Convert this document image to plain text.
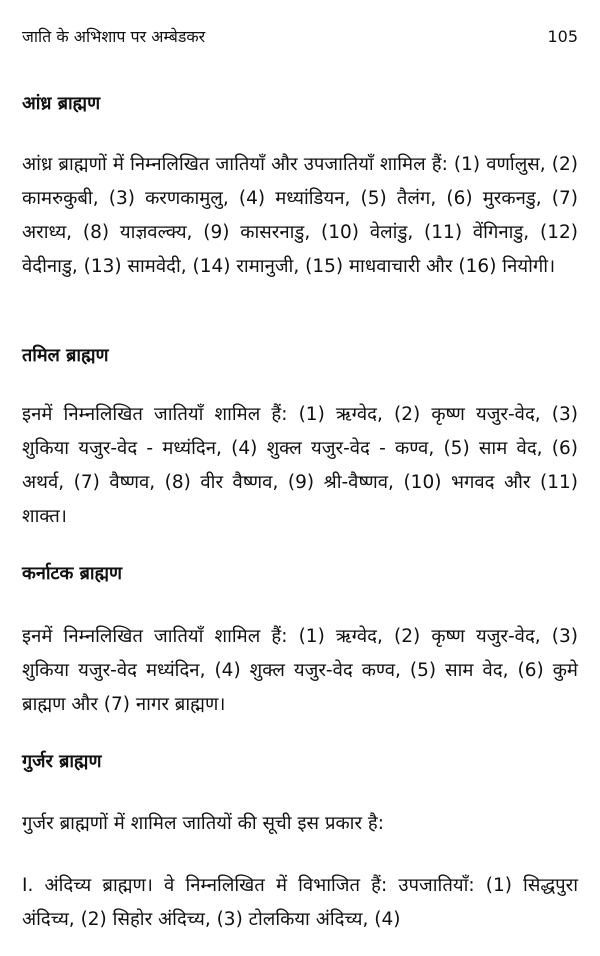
जाति के अभिशाप पर अम्बेडकर	105
आंध्र ब्राह्मण

आंध्र ब्राह्मणों में निम्नलिखित जातियाँ और उपजातियाँ शामिल हैं: (1) वर्णालुस, (2) कामरुकुबी, (3) करणकामुलु, (4) मध्यांडियन, (5) तैलंग, (6) मुरकनडु, (7) अराध्य, (8) याज्ञवल्क्य, (9) कासरनाडु, (10) वेलांडु, (11) वेंगिनाडु, (12) वेदीनाडु, (13) सामवेदी, (14) रामानुजी, (15) माधवाचारी और (16) नियोगी।

तमिल ब्राह्मण

इनमें निम्नलिखित जातियाँ शामिल हैं: (1) ऋग्वेद, (2) कृष्ण यजुर-वेद, (3) शुकिया यजुर-वेद - मध्यंदिन, (4) शुक्ल यजुर-वेद - कण्व, (5) साम वेद, (6) अथर्व, (7) वैष्णव, (8) वीर वैष्णव, (9) श्री-वैष्णव, (10) भगवद और (11) शाक्त।

कर्नाटक ब्राह्मण

इनमें निम्नलिखित जातियाँ शामिल हैं: (1) ऋग्वेद, (2) कृष्ण यजुर-वेद, (3) शुकिया यजुर-वेद मध्यंदिन, (4) शुक्ल यजुर-वेद कण्व, (5) साम वेद, (6) कुमे ब्राह्मण और (7) नागर ब्राह्मण।

गुर्जर ब्राह्मण

गुर्जर ब्राह्मणों में शामिल जातियों की सूची इस प्रकार है:

I. अंदिच्य ब्राह्मण। वे निम्नलिखित में विभाजित हैं: उपजातियाँ: (1) सिद्धपुरा अंदिच्य, (2) सिहोर अंदिच्य, (3) टोलकिया अंदिच्य, (4)
